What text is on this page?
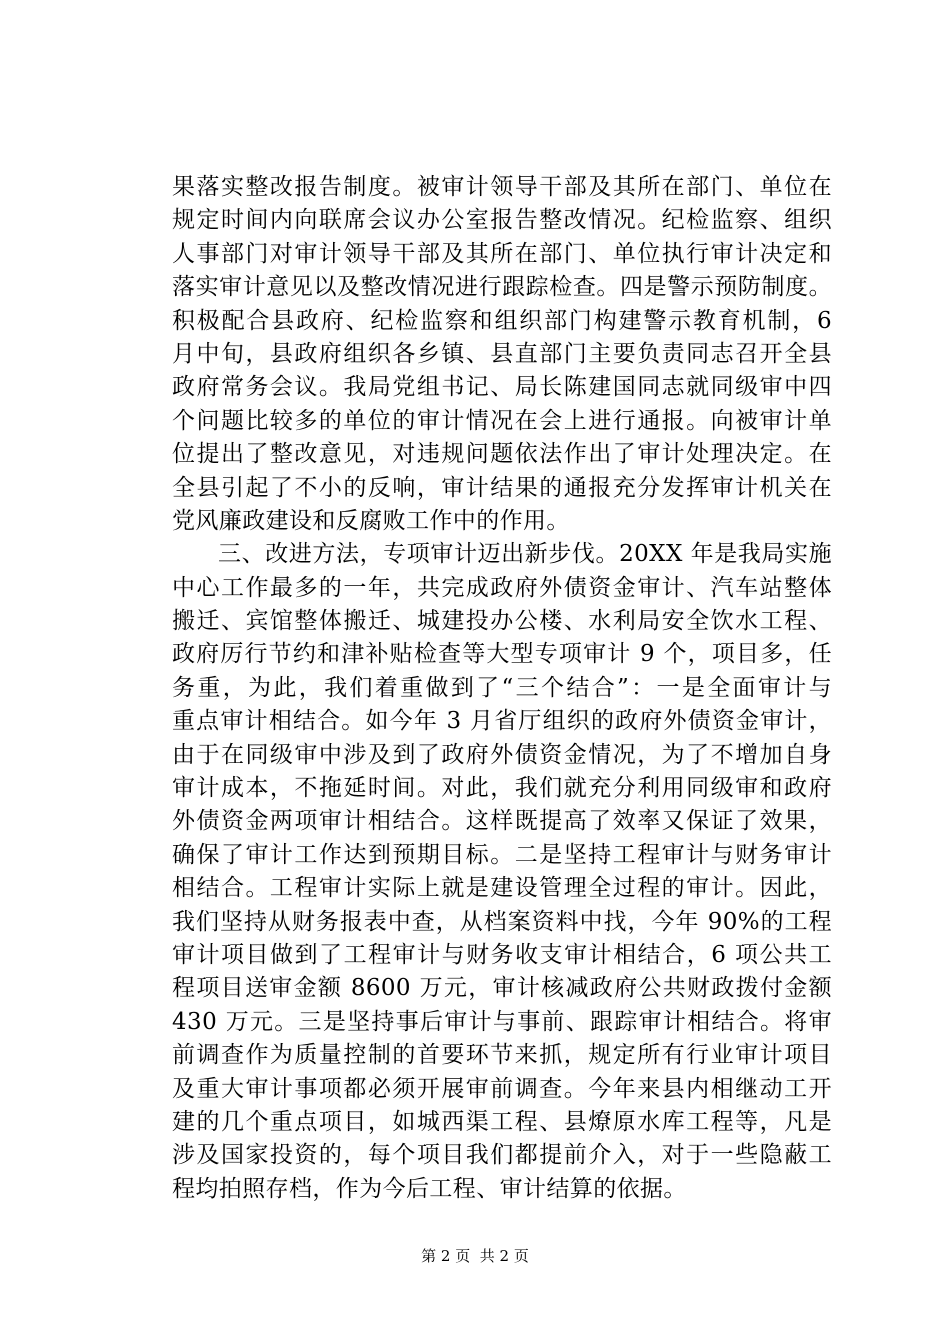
果落实整改报告制度。被审计领导干部及其所在部门、单位在
规定时间内向联席会议办公室报告整改情况。纪检监察、组织
人事部门对审计领导干部及其所在部门、单位执行审计决定和
落实审计意见以及整改情况进行跟踪检查。四是警示预防制度。
积极配合县政府、纪检监察和组织部门构建警示教育机制，6
月中旬，县政府组织各乡镇、县直部门主要负责同志召开全县
政府常务会议。我局党组书记、局长陈建国同志就同级审中四
个问题比较多的单位的审计情况在会上进行通报。向被审计单
位提出了整改意见，对违规问题依法作出了审计处理决定。在
全县引起了不小的反响，审计结果的通报充分发挥审计机关在
党风廉政建设和反腐败工作中的作用。
三、改进方法，专项审计迈出新步伐。20XX 年是我局实施
中心工作最多的一年，共完成政府外债资金审计、汽车站整体
搬迁、宾馆整体搬迁、城建投办公楼、水利局安全饮水工程、
政府厉行节约和津补贴检查等大型专项审计 9 个，项目多，任
务重，为此，我们着重做到了“三个结合”：一是全面审计与
重点审计相结合。如今年 3 月省厅组织的政府外债资金审计，
由于在同级审中涉及到了政府外债资金情况，为了不增加自身
审计成本，不拖延时间。对此，我们就充分利用同级审和政府
外债资金两项审计相结合。这样既提高了效率又保证了效果，
确保了审计工作达到预期目标。二是坚持工程审计与财务审计
相结合。工程审计实际上就是建设管理全过程的审计。因此，
我们坚持从财务报表中查，从档案资料中找，今年 90%的工程
审计项目做到了工程审计与财务收支审计相结合，6 项公共工
程项目送审金额 8600 万元，审计核减政府公共财政拨付金额
430 万元。三是坚持事后审计与事前、跟踪审计相结合。将审
前调查作为质量控制的首要环节来抓，规定所有行业审计项目
及重大审计事项都必须开展审前调查。今年来县内相继动工开
建的几个重点项目，如城西渠工程、县燎原水库工程等，凡是
涉及国家投资的，每个项目我们都提前介入，对于一些隐蔽工
程均拍照存档，作为今后工程、审计结算的依据。
第 2 页  共 2 页
